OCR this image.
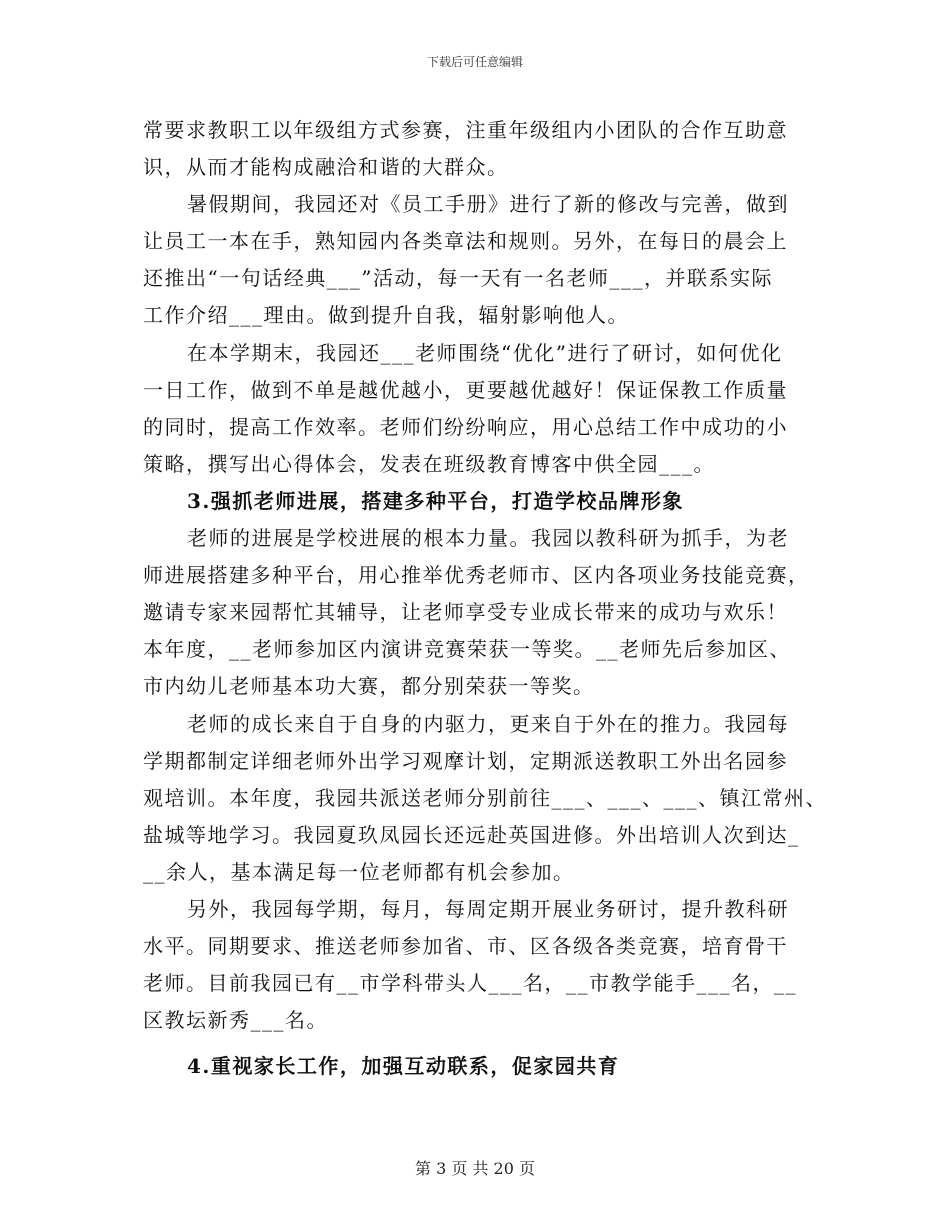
下载后可任意编辑
常要求教职工以年级组方式参赛，注重年级组内小团队的合作互助意
识，从而才能构成融洽和谐的大群众。
暑假期间，我园还对《员工手册》进行了新的修改与完善，做到
让员工一本在手，熟知园内各类章法和规则。另外，在每日的晨会上
还推出“一句话经典___”活动，每一天有一名老师___，并联系实际
工作介绍___理由。做到提升自我，辐射影响他人。
在本学期末，我园还___老师围绕“优化”进行了研讨，如何优化
一日工作，做到不单是越优越小，更要越优越好！保证保教工作质量
的同时，提高工作效率。老师们纷纷响应，用心总结工作中成功的小
策略，撰写出心得体会，发表在班级教育博客中供全园___。
3.强抓老师进展，搭建多种平台，打造学校品牌形象
老师的进展是学校进展的根本力量。我园以教科研为抓手，为老
师进展搭建多种平台，用心推举优秀老师市、区内各项业务技能竞赛，
邀请专家来园帮忙其辅导，让老师享受专业成长带来的成功与欢乐！
本年度，__老师参加区内演讲竞赛荣获一等奖。__老师先后参加区、
市内幼儿老师基本功大赛，都分别荣获一等奖。
老师的成长来自于自身的内驱力，更来自于外在的推力。我园每
学期都制定详细老师外出学习观摩计划，定期派送教职工外出名园参
观培训。本年度，我园共派送老师分别前往___、___、___、镇江常州、
盐城等地学习。我园夏玖凤园长还远赴英国进修。外出培训人次到达_
__余人，基本满足每一位老师都有机会参加。
另外，我园每学期，每月，每周定期开展业务研讨，提升教科研
水平。同期要求、推送老师参加省、市、区各级各类竞赛，培育骨干
老师。目前我园已有__市学科带头人___名，__市教学能手___名，__
区教坛新秀___名。
4.重视家长工作，加强互动联系，促家园共育
第 3 页 共 20 页
